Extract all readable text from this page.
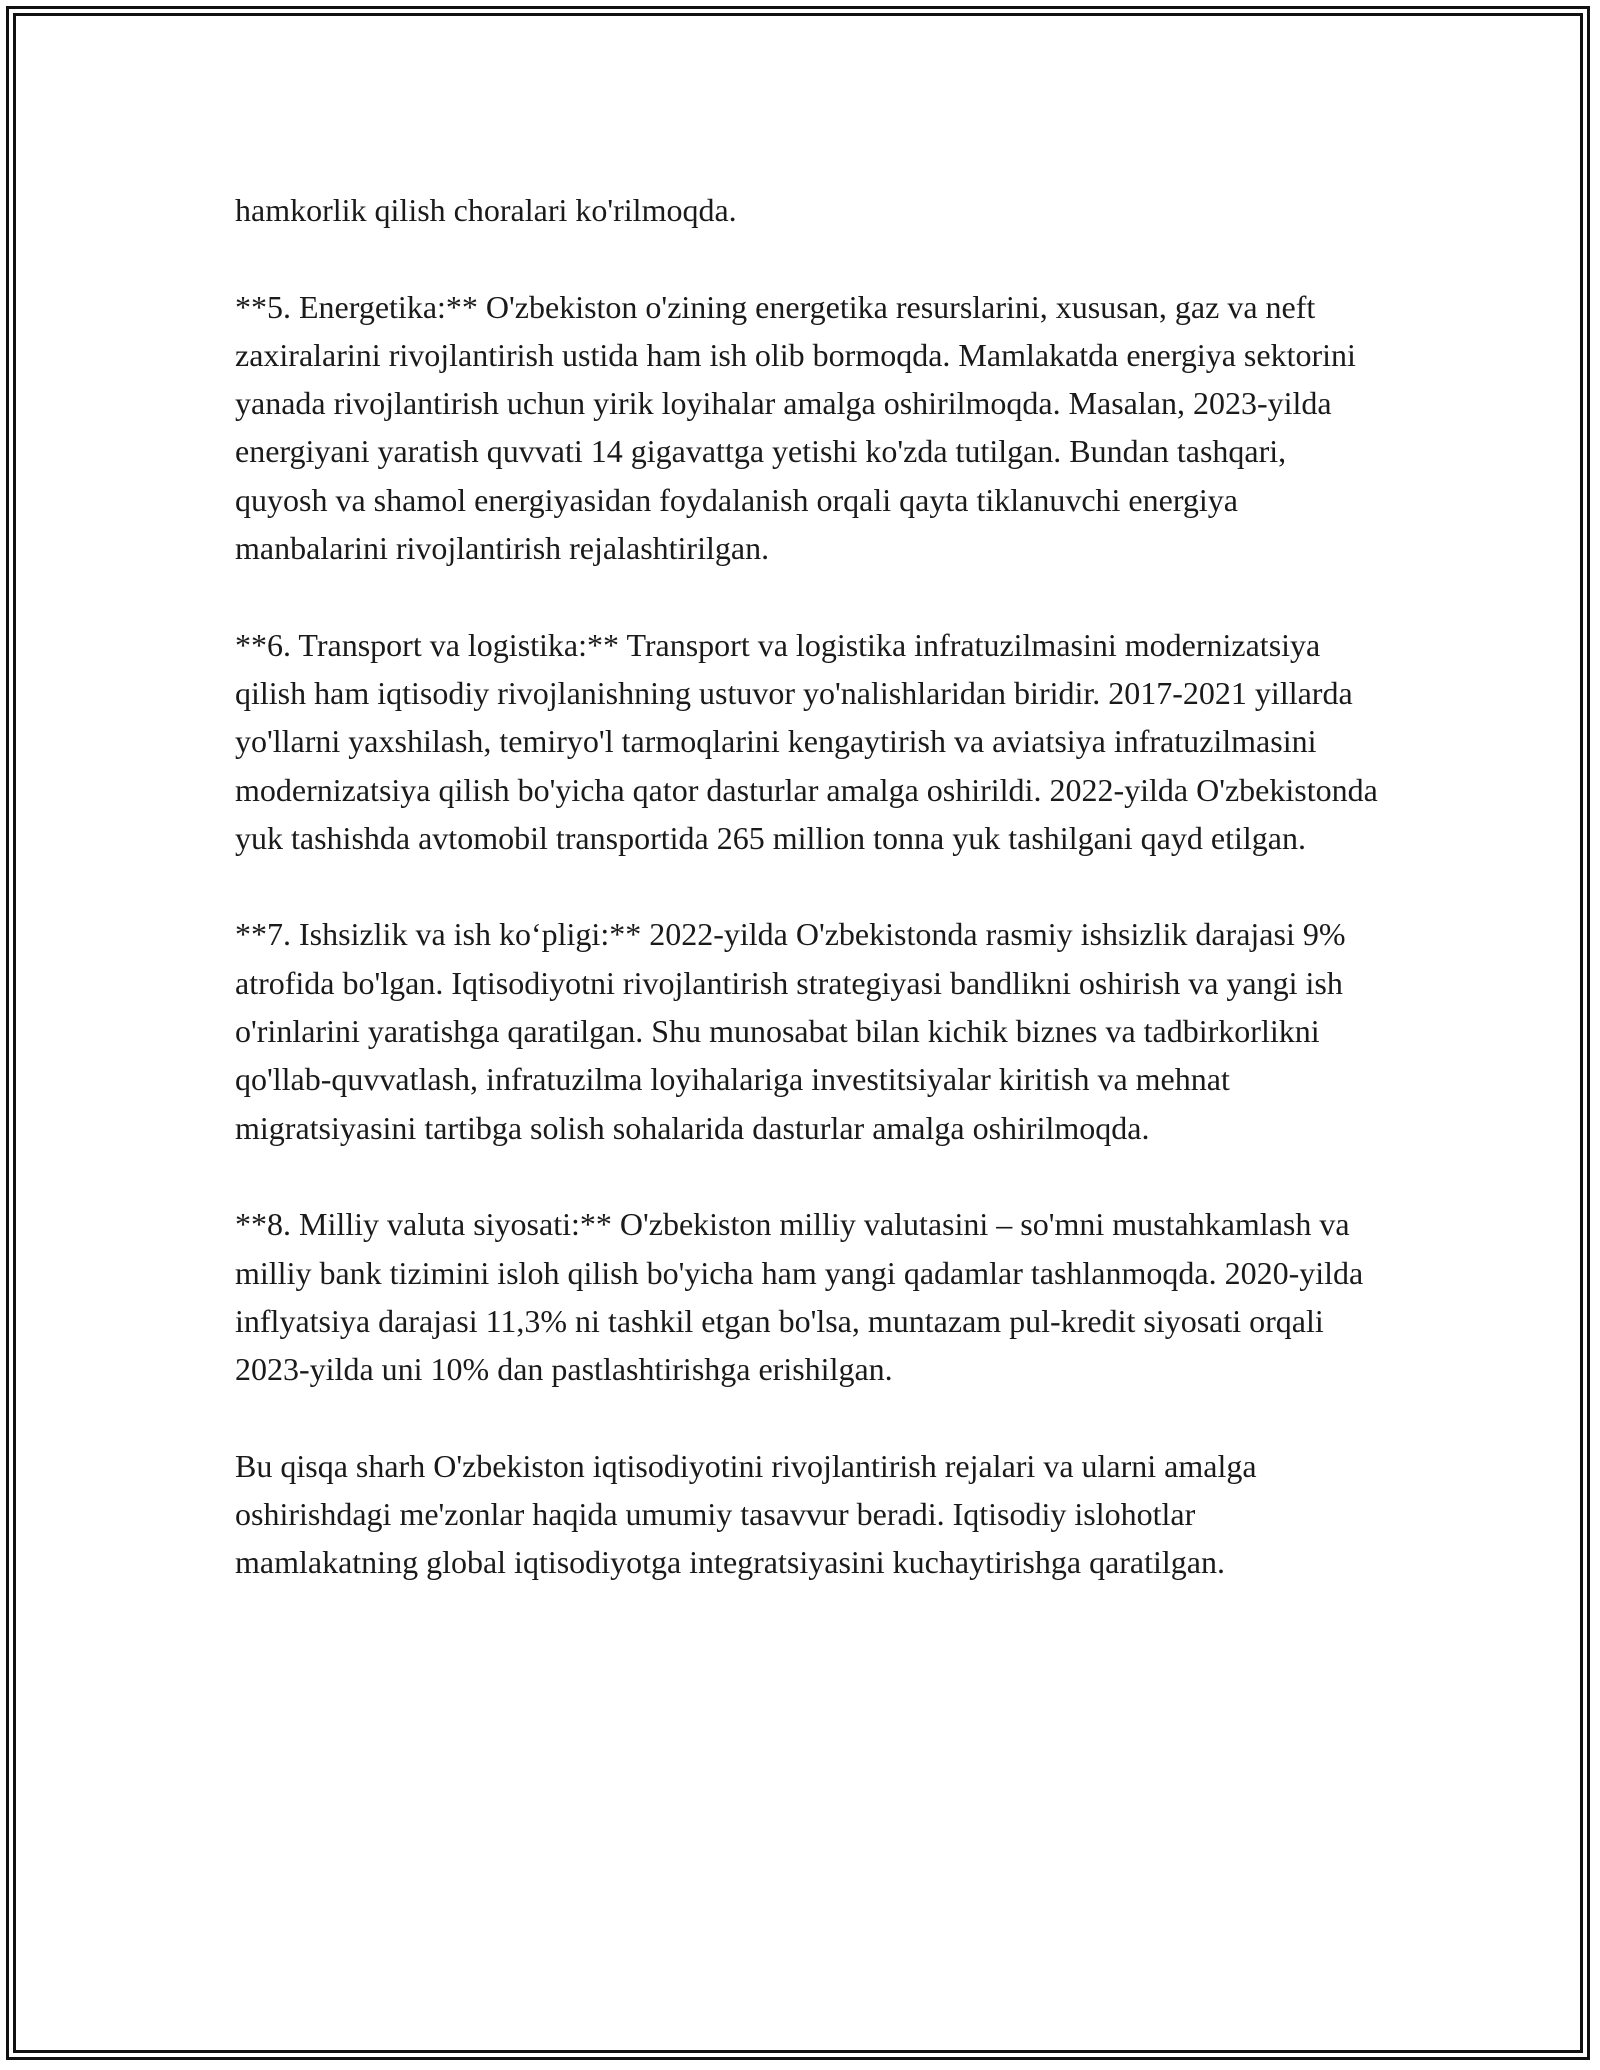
hamkorlik qilish choralari ko'rilmoqda.

**5. Energetika:** O'zbekiston o'zining energetika resurslarini, xususan, gaz va neft zaxiralarini rivojlantirish ustida ham ish olib bormoqda. Mamlakatda energiya sektorini yanada rivojlantirish uchun yirik loyihalar amalga oshirilmoqda. Masalan, 2023-yilda energiyani yaratish quvvati 14 gigavattga yetishi ko'zda tutilgan. Bundan tashqari, quyosh va shamol energiyasidan foydalanish orqali qayta tiklanuvchi energiya manbalarini rivojlantirish rejalashtirilgan.

**6. Transport va logistika:** Transport va logistika infratuzilmasini modernizatsiya qilish ham iqtisodiy rivojlanishning ustuvor yo'nalishlaridan biridir. 2017-2021 yillarda yo'llarni yaxshilash, temiryo'l tarmoqlarini kengaytirish va aviatsiya infratuzilmasini modernizatsiya qilish bo'yicha qator dasturlar amalga oshirildi. 2022-yilda O'zbekistonda yuk tashishda avtomobil transportida 265 million tonna yuk tashilgani qayd etilgan.

**7. Ishsizlik va ish ko‘pligi:** 2022-yilda O'zbekistonda rasmiy ishsizlik darajasi 9% atrofida bo'lgan. Iqtisodiyotni rivojlantirish strategiyasi bandlikni oshirish va yangi ish o'rinlarini yaratishga qaratilgan. Shu munosabat bilan kichik biznes va tadbirkorlikni qo'llab-quvvatlash, infratuzilma loyihalariga investitsiyalar kiritish va mehnat migratsiyasini tartibga solish sohalarida dasturlar amalga oshirilmoqda.

**8. Milliy valuta siyosati:** O'zbekiston milliy valutasini – so'mni mustahkamlash va milliy bank tizimini isloh qilish bo'yicha ham yangi qadamlar tashlanmoqda. 2020-yilda inflyatsiya darajasi 11,3% ni tashkil etgan bo'lsa, muntazam pul-kredit siyosati orqali 2023-yilda uni 10% dan pastlashtirishga erishilgan.

Bu qisqa sharh O'zbekiston iqtisodiyotini rivojlantirish rejalari va ularni amalga oshirishdagi me'zonlar haqida umumiy tasavvur beradi. Iqtisodiy islohotlar mamlakatning global iqtisodiyotga integratsiyasini kuchaytirishga qaratilgan.
